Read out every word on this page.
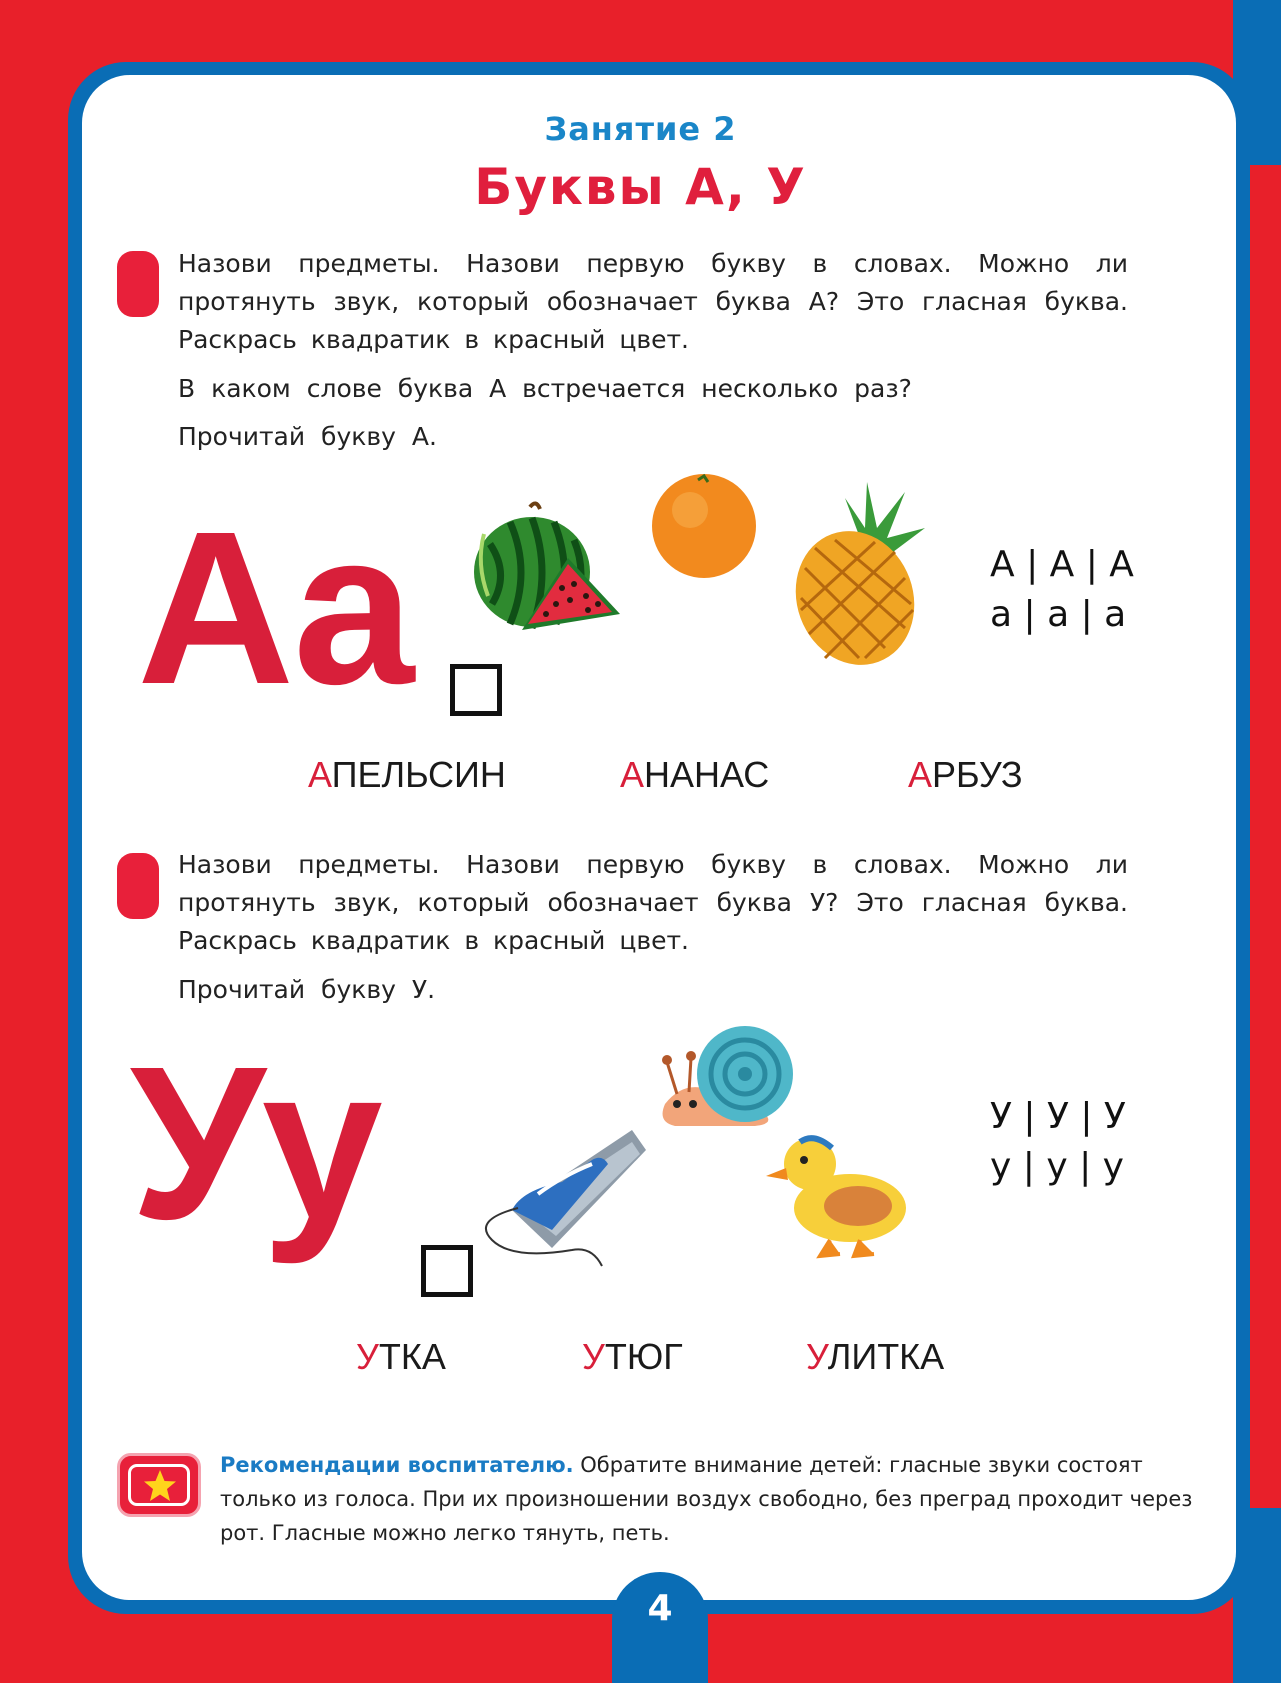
Занятие 2
Буквы А, У
Назови предметы. Назови первую букву в словах. Можно ли протянуть звук, который обозначает буква А? Это гласная буква. Раскрась квадратик в красный цвет.
В каком слове буква А встречается несколько раз?
Прочитай букву А.
Аа	А | А | А
а | а | а
АПЕЛЬСИН	АНАНАС	АРБУЗ
Назови предметы. Назови первую букву в словах. Можно ли протянуть звук, который обозначает буква У? Это гласная буква. Раскрась квадратик в красный цвет.
Прочитай букву У.
Уу	У | У | У
у | у | у
УТКА	УТЮГ	УЛИТКА
Рекомендации воспитателю. Обратите внимание детей: гласные звуки состоят только из голоса. При их произношении воздух свободно, без преград проходит через рот. Гласные можно легко тянуть, петь.
4
